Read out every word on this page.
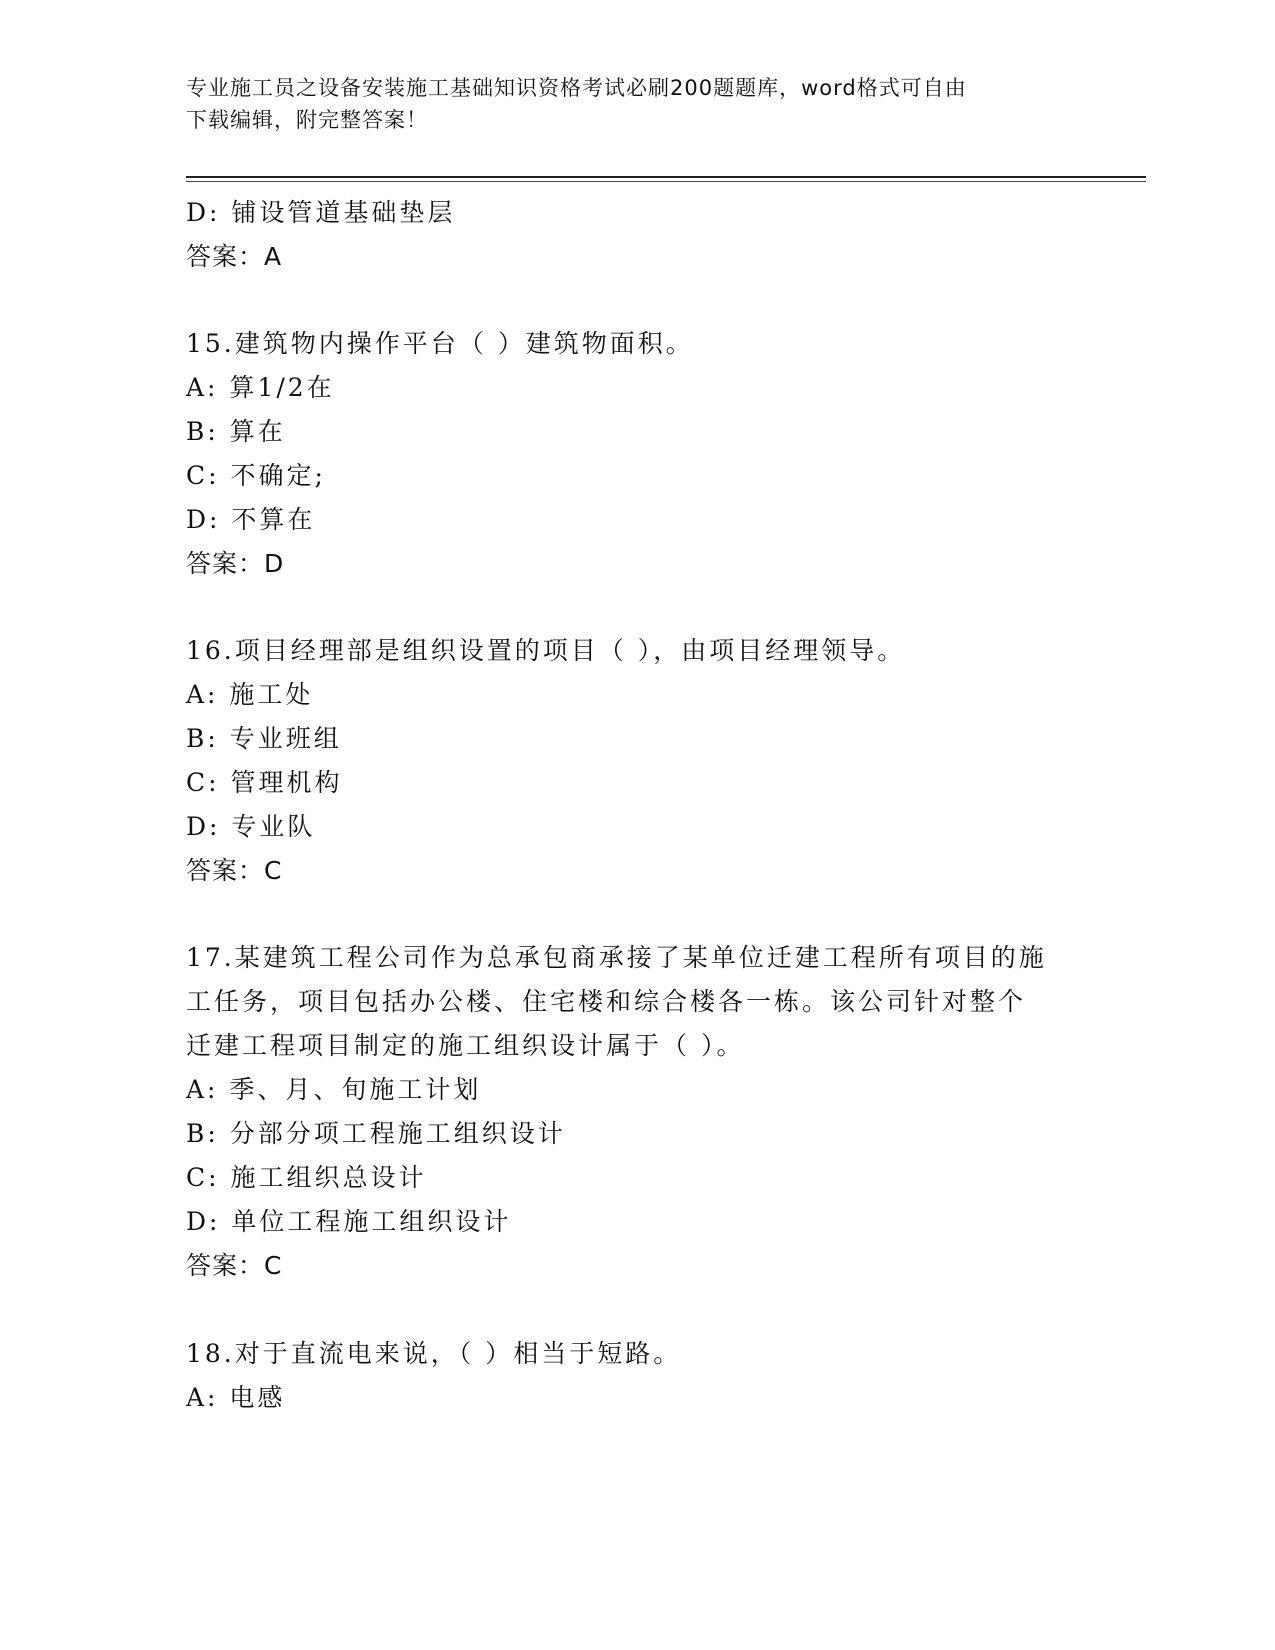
专业施工员之设备安装施工基础知识资格考试必刷200题题库，word格式可自由
下载编辑，附完整答案！
D: 铺设管道基础垫层
答案：A
15.建筑物内操作平台（ ）建筑物面积。
A: 算1/2在
B: 算在
C: 不确定;
D: 不算在
答案：D
16.项目经理部是组织设置的项目（ ），由项目经理领导。
A: 施工处
B: 专业班组
C: 管理机构
D: 专业队
答案：C
17.某建筑工程公司作为总承包商承接了某单位迁建工程所有项目的施
工任务，项目包括办公楼、住宅楼和综合楼各一栋。该公司针对整个
迁建工程项目制定的施工组织设计属于（ ）。
A: 季、月、旬施工计划
B: 分部分项工程施工组织设计
C: 施工组织总设计
D: 单位工程施工组织设计
答案：C
18.对于直流电来说，（ ）相当于短路。
A: 电感
